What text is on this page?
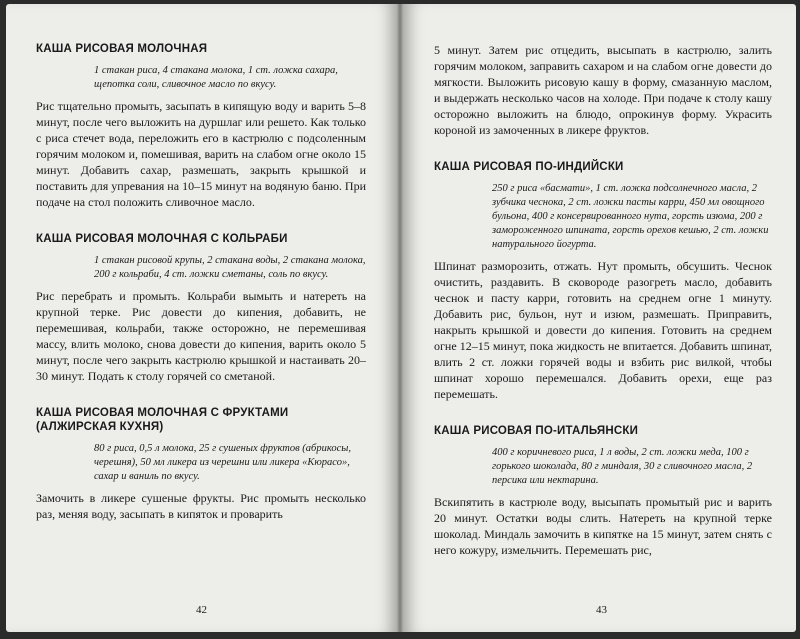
КАША РИСОВАЯ МОЛОЧНАЯ
1 стакан риса, 4 стакана молока, 1 ст. ложка сахара, щепотка соли, сливочное масло по вкусу.

Рис тщательно промыть, засыпать в кипящую воду и варить 5–8 минут, после чего выложить на дуршлаг или решето. Как только с риса стечет вода, переложить его в кастрюлю с подсоленным горячим молоком и, помешивая, варить на слабом огне около 15 минут. Добавить сахар, размешать, закрыть крышкой и поставить для упревания на 10–15 минут на водяную баню. При подаче на стол положить сливочное масло.

КАША РИСОВАЯ МОЛОЧНАЯ С КОЛЬРАБИ
1 стакан рисовой крупы, 2 стакана воды, 2 стакана молока, 200 г кольраби, 4 ст. ложки сметаны, соль по вкусу.

Рис перебрать и промыть. Кольраби вымыть и натереть на крупной терке. Рис довести до кипения, добавить, не перемешивая, кольраби, также осторожно, не перемешивая массу, влить молоко, снова довести до кипения, варить около 5 минут, после чего закрыть кастрюлю крышкой и настаивать 20–30 минут. Подать к столу горячей со сметаной.

КАША РИСОВАЯ МОЛОЧНАЯ С ФРУКТАМИ (АЛЖИРСКАЯ КУХНЯ)
80 г риса, 0,5 л молока, 25 г сушеных фруктов (абрикосы, черешня), 50 мл ликера из черешни или ликера «Кюрасо», сахар и ваниль по вкусу.

Замочить в ликере сушеные фрукты. Рис промыть несколько раз, меняя воду, засыпать в кипяток и проварить

42

5 минут. Затем рис отцедить, высыпать в кастрюлю, залить горячим молоком, заправить сахаром и на слабом огне довести до мягкости. Выложить рисовую кашу в форму, смазанную маслом, и выдержать несколько часов на холоде. При подаче к столу кашу осторожно выложить на блюдо, опрокинув форму. Украсить короной из замоченных в ликере фруктов.

КАША РИСОВАЯ ПО-ИНДИЙСКИ
250 г риса «басмати», 1 ст. ложка подсолнечного масла, 2 зубчика чеснока, 2 ст. ложки пасты карри, 450 мл овощного бульона, 400 г консервированного нута, горсть изюма, 200 г замороженного шпината, горсть орехов кешью, 2 ст. ложки натурального йогурта.

Шпинат разморозить, отжать. Нут промыть, обсушить. Чеснок очистить, раздавить. В сковороде разогреть масло, добавить чеснок и пасту карри, готовить на среднем огне 1 минуту. Добавить рис, бульон, нут и изюм, размешать. Приправить, накрыть крышкой и довести до кипения. Готовить на среднем огне 12–15 минут, пока жидкость не впитается. Добавить шпинат, влить 2 ст. ложки горячей воды и взбить рис вилкой, чтобы шпинат хорошо перемешался. Добавить орехи, еще раз перемешать.

КАША РИСОВАЯ ПО-ИТАЛЬЯНСКИ
400 г коричневого риса, 1 л воды, 2 ст. ложки меда, 100 г горького шоколада, 80 г миндаля, 30 г сливочного масла, 2 персика или нектарина.

Вскипятить в кастрюле воду, высыпать промытый рис и варить 20 минут. Остатки воды слить. Натереть на крупной терке шоколад. Миндаль замочить в кипятке на 15 минут, затем снять с него кожуру, измельчить. Перемешать рис,

43
